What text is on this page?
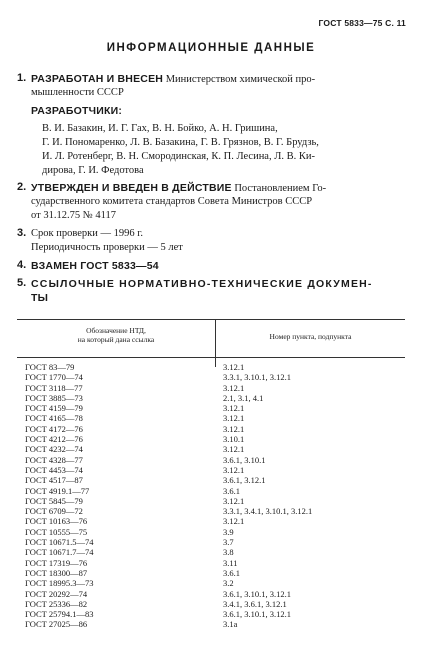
ГОСТ 5833—75 С. 11
ИНФОРМАЦИОННЫЕ ДАННЫЕ
1. РАЗРАБОТАН И ВНЕСЕН Министерством химической про-
мышленности СССР
РАЗРАБОТЧИКИ:
В. И. Базакин, И. Г. Гах, В. Н. Бойко, А. Н. Гришина,
Г. И. Пономаренко, Л. В. Базакина, Г. В. Грязнов, В. Г. Брудзь,
И. Л. Ротенберг, В. Н. Смородинская, К. П. Лесина, Л. В. Ки-
дирова, Г. И. Федотова
2. УТВЕРЖДЕН И ВВЕДЕН В ДЕЙСТВИЕ Постановлением Го-
сударственного комитета стандартов Совета Министров СССР
от 31.12.75 № 4117
3. Срок проверки — 1996 г.
Периодичность проверки — 5 лет
4. ВЗАМЕН ГОСТ 5833—54
5. ССЫЛОЧНЫЕ НОРМАТИВНО-ТЕХНИЧЕСКИЕ ДОКУМЕН-
ТЫ
Обозначение НТД,
на который дана ссылка	Номер пункта, подпункта
ГОСТ 83—79	3.12.1
ГОСТ 1770—74	3.3.1, 3.10.1, 3.12.1
ГОСТ 3118—77	3.12.1
ГОСТ 3885—73	2.1, 3.1, 4.1
ГОСТ 4159—79	3.12.1
ГОСТ 4165—78	3.12.1
ГОСТ 4172—76	3.12.1
ГОСТ 4212—76	3.10.1
ГОСТ 4232—74	3.12.1
ГОСТ 4328—77	3.6.1, 3.10.1
ГОСТ 4453—74	3.12.1
ГОСТ 4517—87	3.6.1, 3.12.1
ГОСТ 4919.1—77	3.6.1
ГОСТ 5845—79	3.12.1
ГОСТ 6709—72	3.3.1, 3.4.1, 3.10.1, 3.12.1
ГОСТ 10163—76	3.12.1
ГОСТ 10555—75	3.9
ГОСТ 10671.5—74	3.7
ГОСТ 10671.7—74	3.8
ГОСТ 17319—76	3.11
ГОСТ 18300—87	3.6.1
ГОСТ 18995.3—73	3.2
ГОСТ 20292—74	3.6.1, 3.10.1, 3.12.1
ГОСТ 25336—82	3.4.1, 3.6.1, 3.12.1
ГОСТ 25794.1—83	3.6.1, 3.10.1, 3.12.1
ГОСТ 27025—86	3.1a
